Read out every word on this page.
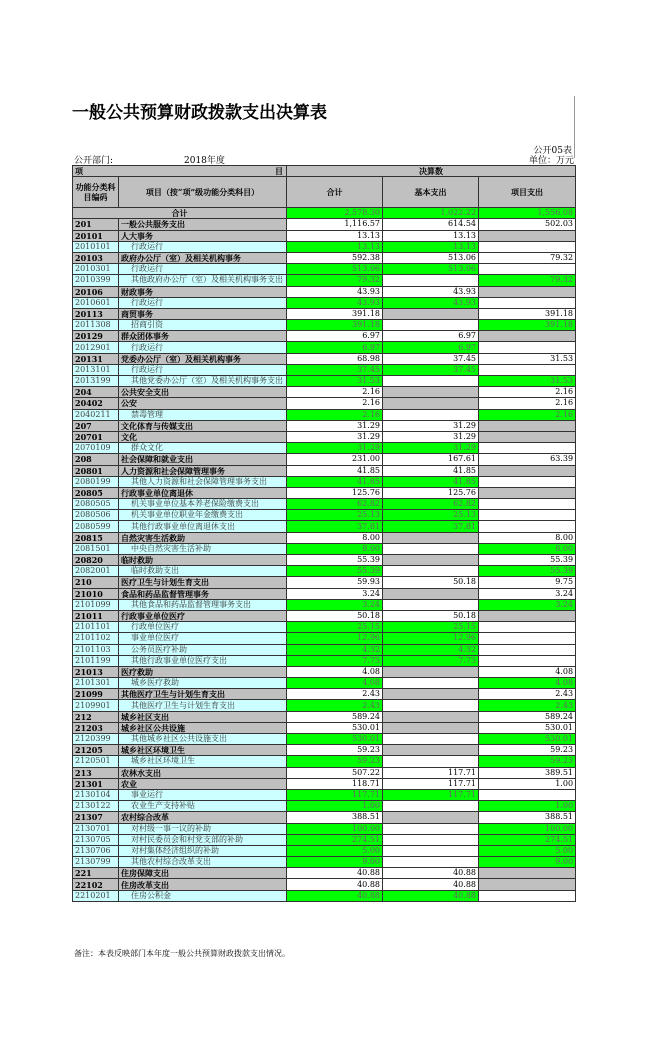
一般公共预算财政拨款支出决算表
公开05表
公开部门:	2018年度	单位：万元
项 目		决算数		
功能分类科目编码	项目（按“项”级功能分类科目）	合计	基本支出	项目支出
合计		2,578.30	1,022.22	1,556.08
201	一般公共服务支出	1,116.57	614.54	502.03
20101	人大事务	13.13	13.13	
2010101	行政运行	13.13	13.13	
20103	政府办公厅（室）及相关机构事务	592.38	513.06	79.32
2010301	行政运行	513.06	513.06	
2010399	其他政府办公厅（室）及相关机构事务支出	79.32		79.32
20106	财政事务	43.93	43.93	
2010601	行政运行	43.93	43.93	
20113	商贸事务	391.18		391.18
2011308	招商引资	391.18		391.18
20129	群众团体事务	6.97	6.97	
2012901	行政运行	6.97	6.97	
20131	党委办公厅（室）及相关机构事务	68.98	37.45	31.53
2013101	行政运行	37.45	37.45	
2013199	其他党委办公厅（室）及相关机构事务支出	31.53		31.53
204	公共安全支出	2.16		2.16
20402	公安	2.16		2.16
2040211	禁毒管理	2.16		2.16
207	文化体育与传媒支出	31.29	31.29	
20701	文化	31.29	31.29	
2070109	群众文化	31.29	31.29	
208	社会保障和就业支出	231.00	167.61	63.39
20801	人力资源和社会保障管理事务	41.85	41.85	
2080199	其他人力资源和社会保障管理事务支出	41.85	41.85	
20805	行政事业单位离退休	125.76	125.76	
2080505	机关事业单位基本养老保险缴费支出	62.82	62.82	
2080506	机关事业单位职业年金缴费支出	25.13	25.13	
2080599	其他行政事业单位离退休支出	37.81	37.81	
20815	自然灾害生活救助	8.00		8.00
2081501	中央自然灾害生活补助	8.00		8.00
20820	临时救助	55.39		55.39
2082001	临时救助支出	55.39		55.39
210	医疗卫生与计划生育支出	59.93	50.18	9.75
21010	食品和药品监督管理事务	3.24		3.24
2101099	其他食品和药品监督管理事务支出	3.24		3.24
21011	行政事业单位医疗	50.18	50.18	
2101101	行政单位医疗	25.15	25.15	
2101102	事业单位医疗	12.96	12.96	
2101103	公务员医疗补助	4.32	4.32	
2101199	其他行政事业单位医疗支出	7.75	7.75	
21013	医疗救助	4.08		4.08
2101301	城乡医疗救助	4.08		4.08
21099	其他医疗卫生与计划生育支出	2.43		2.43
2109901	其他医疗卫生与计划生育支出	2.43		2.43
212	城乡社区支出	589.24		589.24
21203	城乡社区公共设施	530.01		530.01
2120399	其他城乡社区公共设施支出	530.01		530.01
21205	城乡社区环境卫生	59.23		59.23
2120501	城乡社区环境卫生	59.23		59.23
213	农林水支出	507.22	117.71	389.51
21301	农业	118.71	117.71	1.00
2130104	事业运行	117.71	117.71	
2130122	农业生产支持补贴	1.00		1.00
21307	农村综合改革	388.51		388.51
2130701	对村级一事一议的补助	100.00		100.00
2130705	对村民委员会和村党支部的补助	274.51		274.51
2130706	对村集体经济组织的补助	5.00		5.00
2130799	其他农村综合改革支出	9.00		9.00
221	住房保障支出	40.88	40.88	
22102	住房改革支出	40.88	40.88	
2210201	住房公积金	40.88	40.88	
备注：本表反映部门本年度一般公共预算财政拨款支出情况。
